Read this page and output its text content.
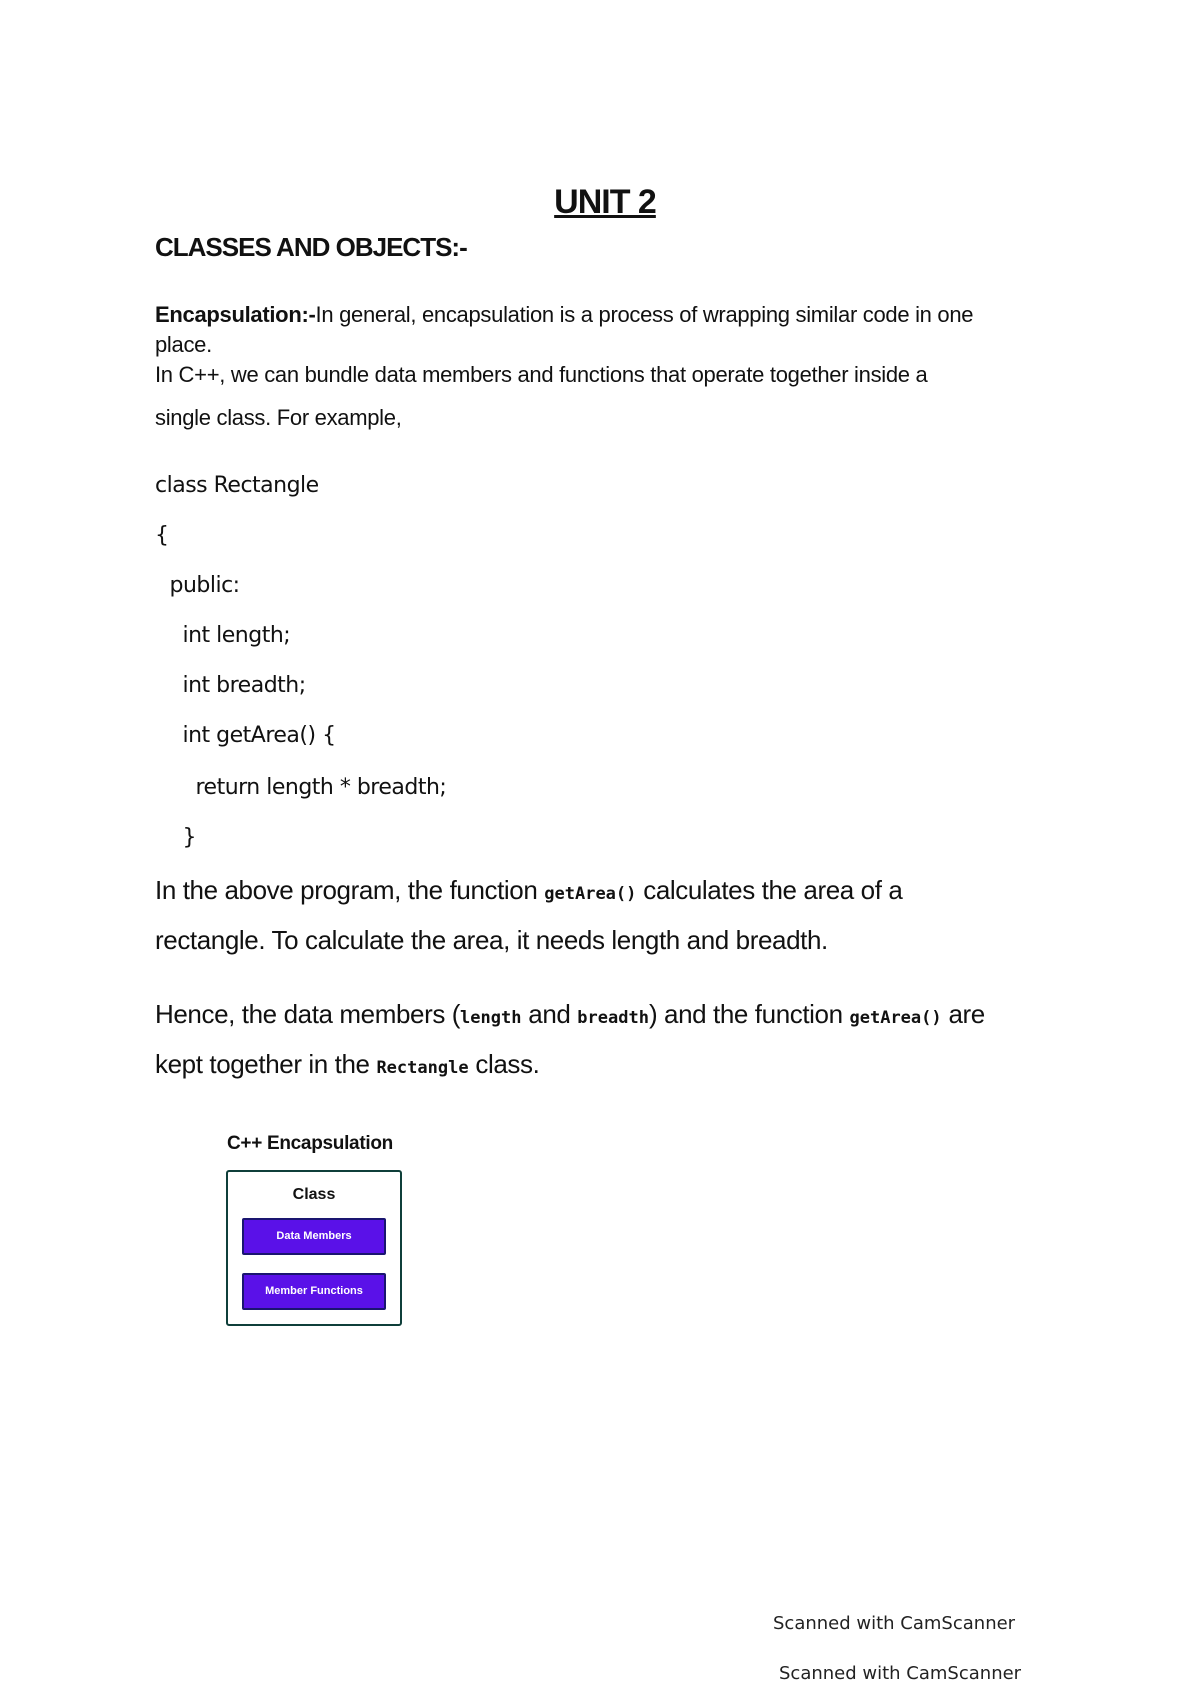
UNIT 2
CLASSES AND OBJECTS:-
Encapsulation:-In general, encapsulation is a process of wrapping similar code in one
place.
In C++, we can bundle data members and functions that operate together inside a
single class. For example,
class Rectangle
{
public:
int length;
int breadth;
int getArea() {
return length * breadth;
}
In the above program, the function getArea() calculates the area of a
rectangle. To calculate the area, it needs length and breadth.
Hence, the data members (length and breadth) and the function getArea() are
kept together in the Rectangle class.
C++ Encapsulation
Class
Data Members
Member Functions
Scanned with CamScanner
Scanned with CamScanner
